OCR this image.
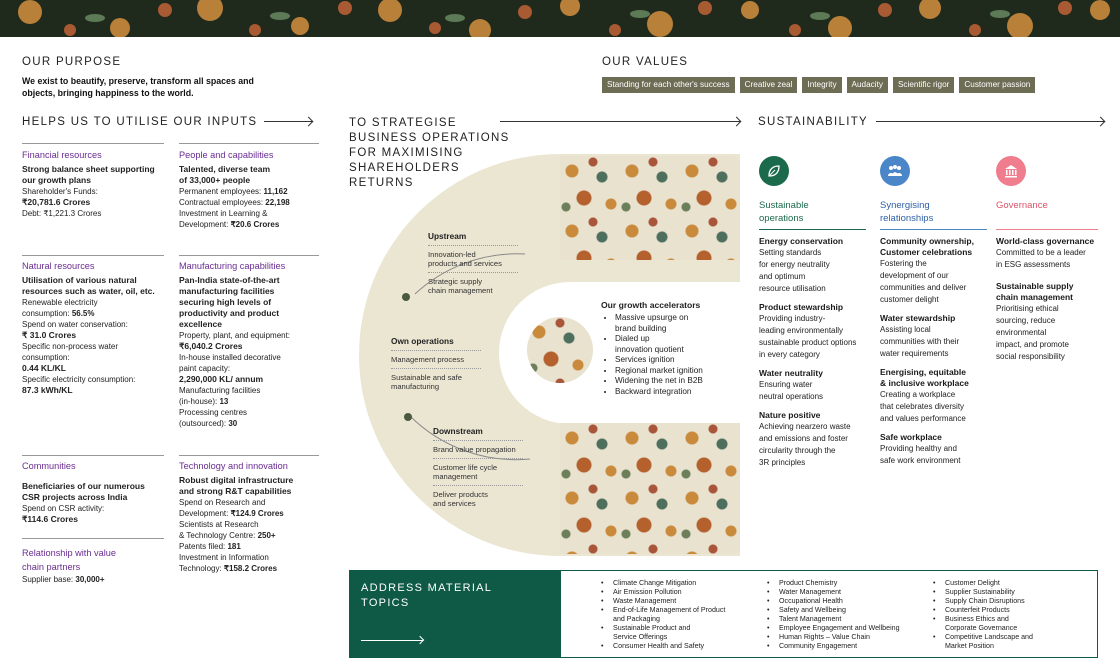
OUR PURPOSE
We exist to beautify, preserve, transform all spaces and
objects, bringing happiness to the world.
OUR VALUES
Standing for each other's success	Creative zeal	Integrity	Audacity	Scientific rigor	Customer passion
HELPS US TO UTILISE OUR INPUTS
Financial resources
Strong balance sheet supporting
our growth plans
Shareholder's Funds:
₹20,781.6 Crores
Debt: ₹1,221.3 Crores
People and capabilities
Talented, diverse team
of 33,000+ people
Permanent employees: 11,162
Contractual employees: 22,198
Investment in Learning &
Development: ₹20.6 Crores
Natural resources
Utilisation of various natural
resources such as water, oil, etc.
Renewable electricity
consumption: 56.5%
Spend on water conservation:
₹ 31.0 Crores
Specific non-process water
consumption:
0.44 KL/KL
Specific electricity consumption:
87.3 kWh/KL
Manufacturing capabilities
Pan-India state-of-the-art
manufacturing facilities
securing high levels of
productivity and product
excellence
Property, plant, and equipment:
₹6,040.2 Crores
In-house installed decorative
paint capacity:
2,290,000 KL/ annum
Manufacturing facilities
(in-house): 13
Processing centres
(outsourced): 30
Communities
Beneficiaries of our numerous
CSR projects across India
Spend on CSR activity:
₹114.6 Crores
Technology and innovation
Robust digital infrastructure
and strong R&T capabilities
Spend on Research and
Development: ₹124.9 Crores
Scientists at Research
& Technology Centre: 250+
Patents filed: 181
Investment in Information
Technology: ₹158.2 Crores
Relationship with value
chain partners
Supplier base: 30,000+
TO STRATEGISE
BUSINESS OPERATIONS
FOR MAXIMISING
SHAREHOLDERS
RETURNS
Upstream
Innovation-led
products and services
Strategic supply
chain management
Own operations
Management process
Sustainable and safe
manufacturing
Downstream
Brand value propagation
Customer life cycle
management
Deliver products
and services
Our growth accelerators
• Massive upsurge on
brand building
• Dialed up
innovation quotient
• Services ignition
• Regional market ignition
• Widening the net in B2B
• Backward integration
SUSTAINABILITY
Sustainable
operations
Synergising
relationships
Governance
Energy conservation
Setting standards
for energy neutrality
and optimum
resource utilisation
Product stewardship
Providing industry-
leading environmentally
sustainable product options
in every category
Water neutrality
Ensuring water
neutral operations
Nature positive
Achieving nearzero waste
and emissions and foster
circularity through the
3R principles
Community ownership,
Customer celebrations
Fostering the
development of our
communities and deliver
customer delight
Water stewardship
Assisting local
communities with their
water requirements
Energising, equitable
& inclusive workplace
Creating a workplace
that celebrates diversity
and values performance
Safe workplace
Providing healthy and
safe work environment
World-class governance
Committed to be a leader
in ESG assessments
Sustainable supply
chain management
Prioritising ethical
sourcing, reduce
environmental
impact, and promote
social responsibility
ADDRESS MATERIAL
TOPICS
• Climate Change Mitigation
• Air Emission Pollution
• Waste Management
• End-of-Life Management of Product
and Packaging
• Sustainable Product and
Service Offerings
• Consumer Health and Safety
• Product Chemistry
• Water Management
• Occupational Health
• Safety and Wellbeing
• Talent Management
• Employee Engagement and Wellbeing
• Human Rights – Value Chain
• Community Engagement
• Customer Delight
• Supplier Sustainability
• Supply Chain Disruptions
• Counterfeit Products
• Business Ethics and
Corporate Governance
• Competitive Landscape and
Market Position
